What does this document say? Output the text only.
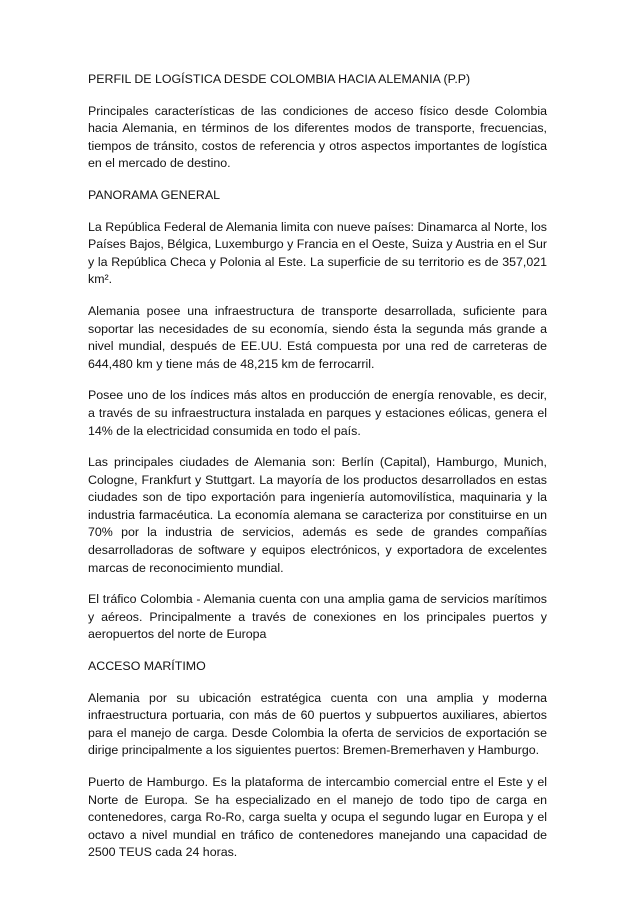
PERFIL DE LOGÍSTICA DESDE COLOMBIA HACIA ALEMANIA (P.P)

Principales características de las condiciones de acceso físico desde Colombia hacia Alemania, en términos de los diferentes modos de transporte, frecuencias, tiempos de tránsito, costos de referencia y otros aspectos importantes de logística en el mercado de destino.

PANORAMA GENERAL

La República Federal de Alemania limita con nueve países: Dinamarca al Norte, los Países Bajos, Bélgica, Luxemburgo y Francia en el Oeste, Suiza y Austria en el Sur y la República Checa y Polonia al Este. La superficie de su territorio es de 357,021 km².

Alemania posee una infraestructura de transporte desarrollada, suficiente para soportar las necesidades de su economía, siendo ésta la segunda más grande a nivel mundial, después de EE.UU. Está compuesta por una red de carreteras de 644,480 km y tiene más de 48,215 km de ferrocarril.

Posee uno de los índices más altos en producción de energía renovable, es decir, a través de su infraestructura instalada en parques y estaciones eólicas, genera el 14% de la electricidad consumida en todo el país.

Las principales ciudades de Alemania son: Berlín (Capital), Hamburgo, Munich, Cologne, Frankfurt y Stuttgart. La mayoría de los productos desarrollados en estas ciudades son de tipo exportación para ingeniería automovilística, maquinaria y la industria farmacéutica. La economía alemana se caracteriza por constituirse en un 70% por la industria de servicios, además es sede de grandes compañías desarrolladoras de software y equipos electrónicos, y exportadora de excelentes marcas de reconocimiento mundial.

El tráfico Colombia - Alemania cuenta con una amplia gama de servicios marítimos y aéreos. Principalmente a través de conexiones en los principales puertos y aeropuertos del norte de Europa

ACCESO MARÍTIMO

Alemania por su ubicación estratégica cuenta con una amplia y moderna infraestructura portuaria, con más de 60 puertos y subpuertos auxiliares, abiertos para el manejo de carga. Desde Colombia la oferta de servicios de exportación se dirige principalmente a los siguientes puertos: Bremen-Bremerhaven y Hamburgo.

Puerto de Hamburgo. Es la plataforma de intercambio comercial entre el Este y el Norte de Europa. Se ha especializado en el manejo de todo tipo de carga en contenedores, carga Ro-Ro, carga suelta y ocupa el segundo lugar en Europa y el octavo a nivel mundial en tráfico de contenedores manejando una capacidad de 2500 TEUS cada 24 horas.
